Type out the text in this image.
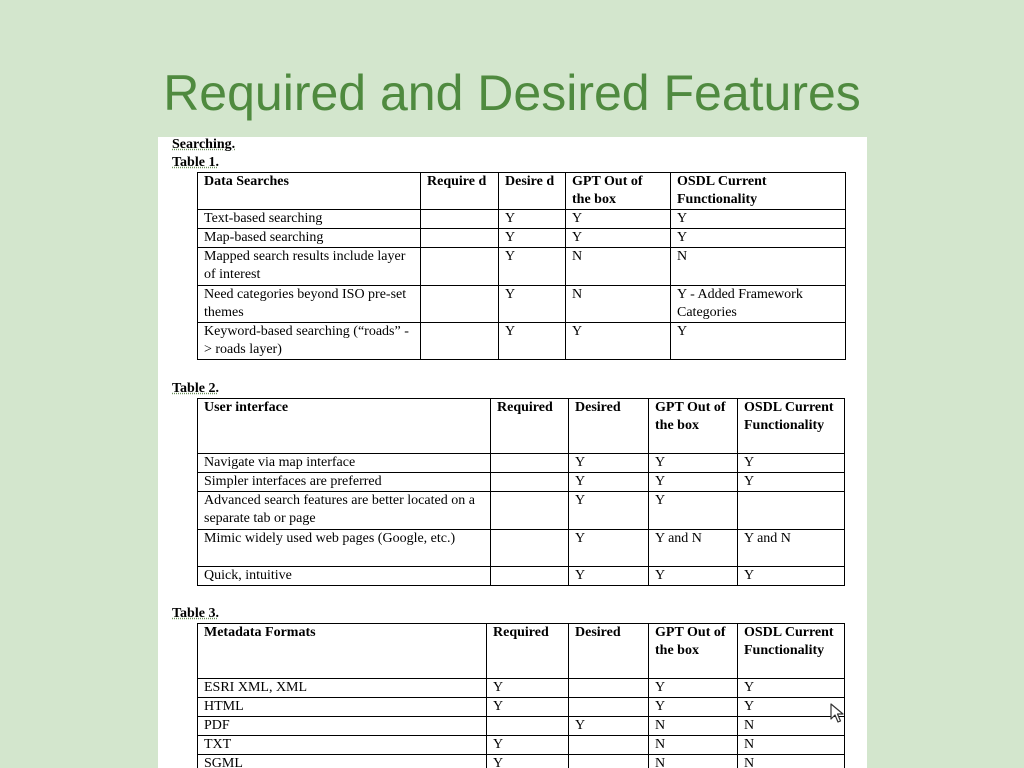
Required and Desired Features
Searching.
Table 1.
Data Searches	Require d	Desire d	GPT Out of the box	OSDL Current Functionality
Text-based searching		Y	Y	Y
Map-based searching		Y	Y	Y
Mapped search results include layer of interest		Y	N	N
Need categories beyond ISO pre-set themes		Y	N	Y - Added Framework Categories
Keyword-based searching (“roads” -> roads layer)		Y	Y	Y
Table 2.
User interface	Required	Desired	GPT Out of the box	OSDL Current Functionality
Navigate via map interface		Y	Y	Y
Simpler interfaces are preferred		Y	Y	Y
Advanced search features are better located on a separate tab or page		Y	Y	
Mimic widely used web pages (Google, etc.)		Y	Y and N	Y and N
Quick, intuitive		Y	Y	Y
Table 3.
Metadata Formats	Required	Desired	GPT Out of the box	OSDL Current Functionality
ESRI XML, XML	Y		Y	Y
HTML	Y		Y	Y
PDF		Y	N	N
TXT	Y		N	N
SGML	Y		N	N
